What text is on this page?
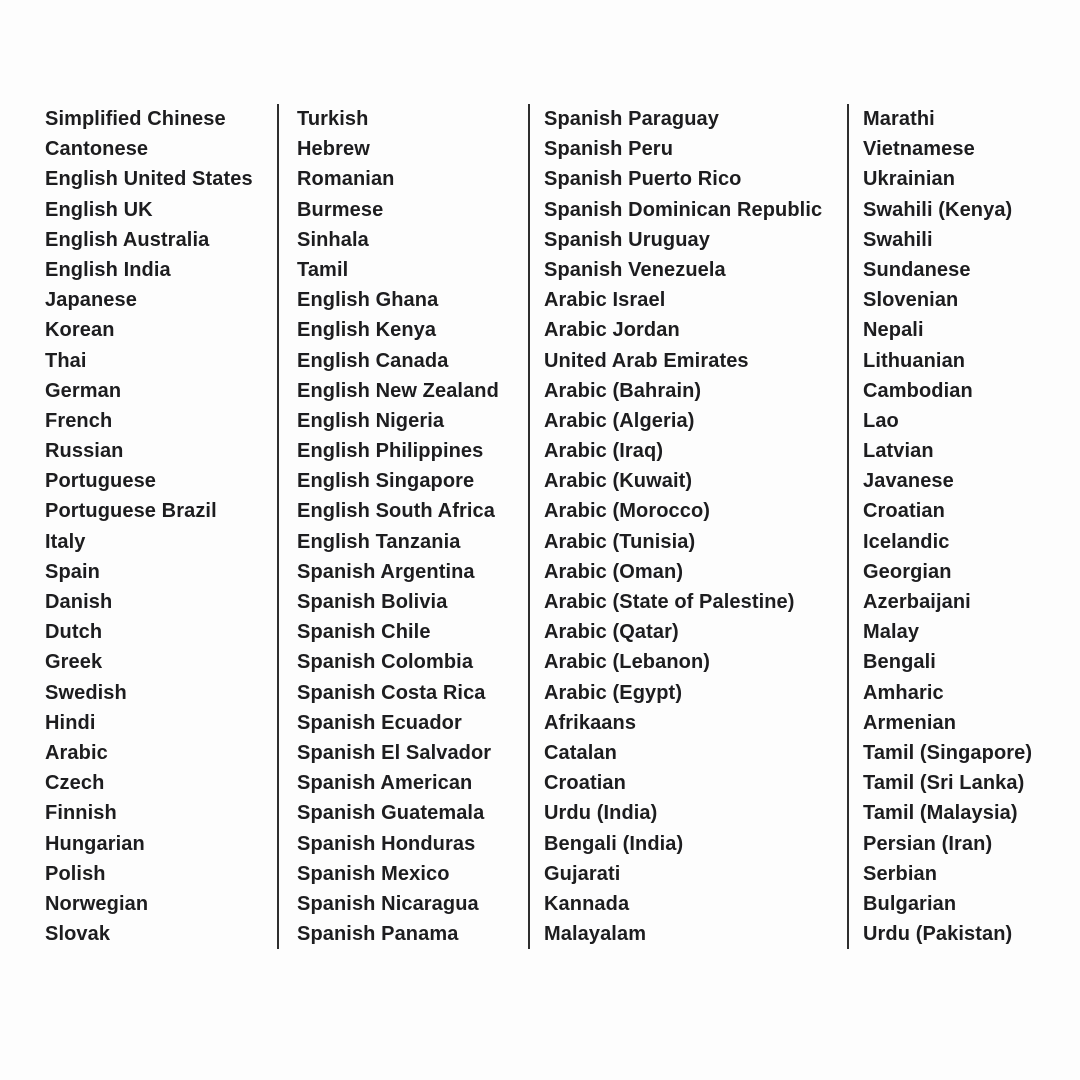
Simplified Chinese
Cantonese
English United States
English UK
English Australia
English India
Japanese
Korean
Thai
German
French
Russian
Portuguese
Portuguese Brazil
Italy
Spain
Danish
Dutch
Greek
Swedish
Hindi
Arabic
Czech
Finnish
Hungarian
Polish
Norwegian
Slovak
Turkish
Hebrew
Romanian
Burmese
Sinhala
Tamil
English Ghana
English Kenya
English Canada
English New Zealand
English Nigeria
English Philippines
English Singapore
English South Africa
English Tanzania
Spanish Argentina
Spanish Bolivia
Spanish Chile
Spanish Colombia
Spanish Costa Rica
Spanish Ecuador
Spanish El Salvador
Spanish American
Spanish Guatemala
Spanish Honduras
Spanish Mexico
Spanish Nicaragua
Spanish Panama
Spanish Paraguay
Spanish Peru
Spanish Puerto Rico
Spanish Dominican Republic
Spanish Uruguay
Spanish Venezuela
Arabic Israel
Arabic Jordan
United Arab Emirates
Arabic (Bahrain)
Arabic (Algeria)
Arabic (Iraq)
Arabic (Kuwait)
Arabic (Morocco)
Arabic (Tunisia)
Arabic (Oman)
Arabic (State of Palestine)
Arabic (Qatar)
Arabic (Lebanon)
Arabic (Egypt)
Afrikaans
Catalan
Croatian
Urdu (India)
Bengali (India)
Gujarati
Kannada
Malayalam
Marathi
Vietnamese
Ukrainian
Swahili (Kenya)
Swahili
Sundanese
Slovenian
Nepali
Lithuanian
Cambodian
Lao
Latvian
Javanese
Croatian
Icelandic
Georgian
Azerbaijani
Malay
Bengali
Amharic
Armenian
Tamil (Singapore)
Tamil (Sri Lanka)
Tamil (Malaysia)
Persian (Iran)
Serbian
Bulgarian
Urdu (Pakistan)
